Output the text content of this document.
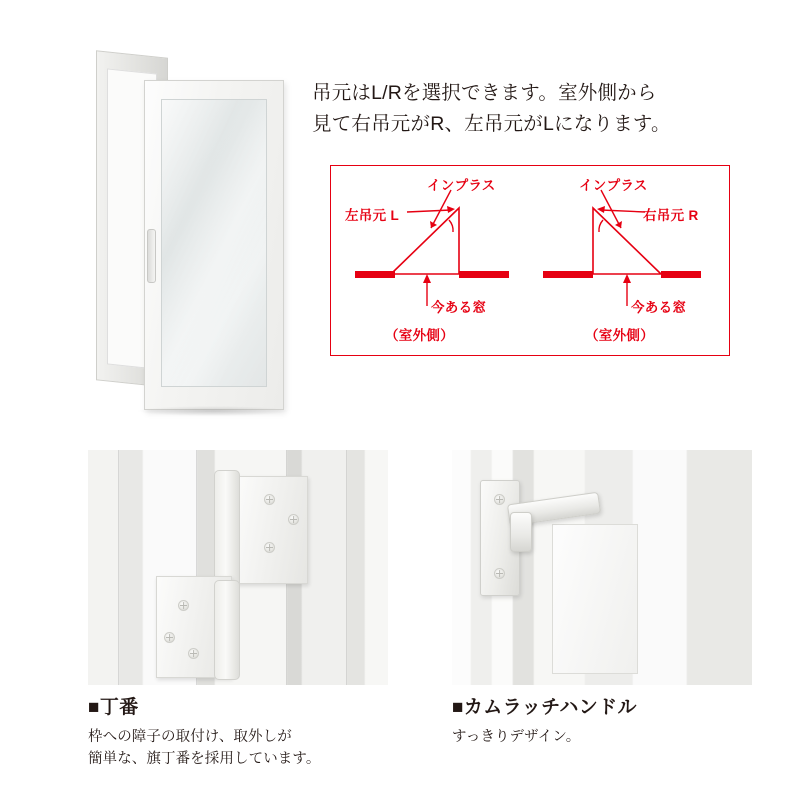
吊元はL/Rを選択できます。室外側から
見て右吊元がR、左吊元がLになります。
左吊元 L
インプラス
今ある窓
（室外側）
右吊元 R
インプラス
今ある窓
（室外側）
■丁番
枠への障子の取付け、取外しが
簡単な、旗丁番を採用しています。
■カムラッチハンドル
すっきりデザイン。
